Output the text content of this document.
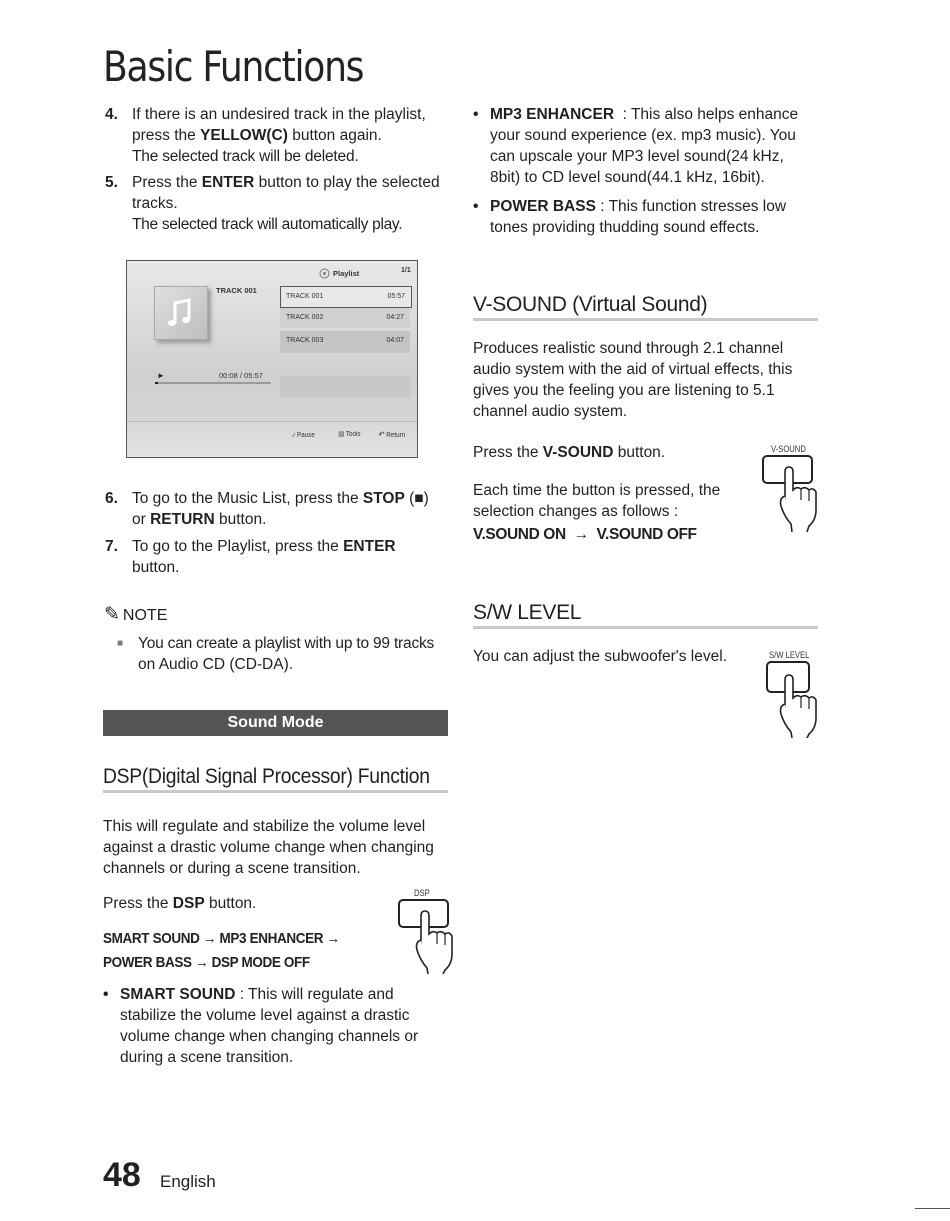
Basic Functions
4. If there is an undesired track in the playlist,
press the YELLOW(C) button again.
The selected track will be deleted.
5. Press the ENTER button to play the selected
tracks.
The selected track will automatically play.
TRACK 001
Playlist	1/1
TRACK 001	05:57
TRACK 002	04:27
TRACK 003	04:07
►	00:08 / 05:57
⍻ Pause	▤ Tools ↶ Return
6. To go to the Music List, press the STOP (■)
or RETURN button.
7. To go to the Playlist, press the ENTER
button.
✎ NOTE
■ You can create a playlist with up to 99 tracks
on Audio CD (CD-DA).
Sound Mode
DSP(Digital Signal Processor) Function
This will regulate and stabilize the volume level
against a drastic volume change when changing
channels or during a scene transition.
Press the DSP button.
SMART SOUND → MP3 ENHANCER →
POWER BASS → DSP MODE OFF
DSP
• SMART SOUND : This will regulate and
stabilize the volume level against a drastic
volume change when changing channels or
during a scene transition.
• MP3 ENHANCER  : This also helps enhance
your sound experience (ex. mp3 music). You
can upscale your MP3 level sound(24 kHz,
8bit) to CD level sound(44.1 kHz, 16bit).
• POWER BASS : This function stresses low
tones providing thudding sound effects.
V-SOUND (Virtual Sound)
Produces realistic sound through 2.1 channel
audio system with the aid of virtual effects, this
gives you the feeling you are listening to 5.1
channel audio system.
Press the V-SOUND button.
Each time the button is pressed, the
selection changes as follows :
V.SOUND ON → V.SOUND OFF
V-SOUND
S/W LEVEL
You can adjust the subwoofer's level.	S/W LEVEL
48 English
